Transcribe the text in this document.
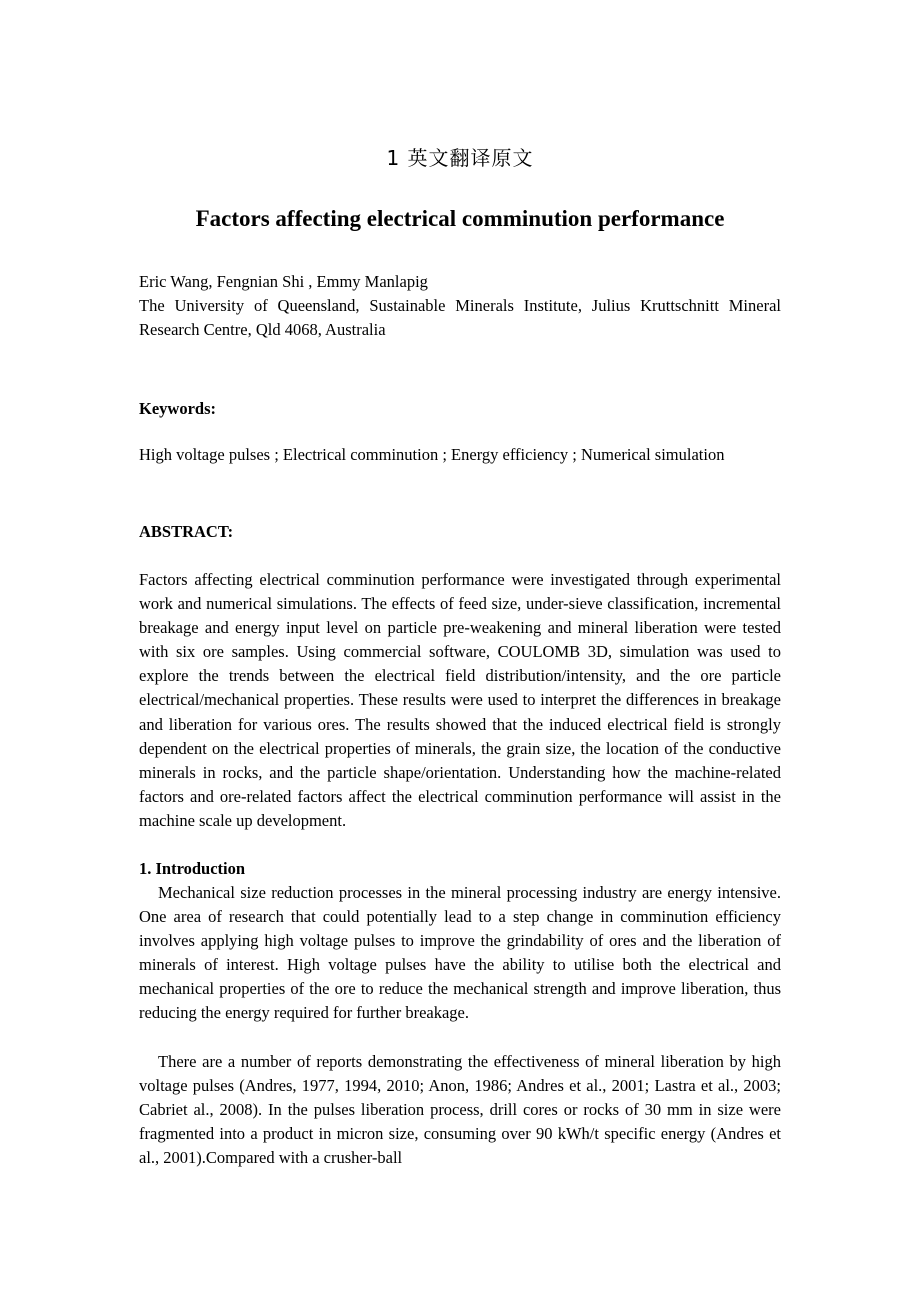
1 英文翻译原文
Factors affecting electrical comminution performance
Eric Wang, Fengnian Shi , Emmy Manlapig
The University of Queensland, Sustainable Minerals Institute, Julius Kruttschnitt Mineral Research Centre, Qld 4068, Australia
Keywords:
High voltage pulses ; Electrical comminution ; Energy efficiency ; Numerical simulation
ABSTRACT:
Factors affecting electrical comminution performance were investigated through experimental work and numerical simulations. The effects of feed size, under-sieve classification, incremental breakage and energy input level on particle pre-weakening and mineral liberation were tested with six ore samples. Using commercial software, COULOMB 3D, simulation was used to explore the trends between the electrical field distribution/intensity, and the ore particle electrical/mechanical properties. These results were used to interpret the differences in breakage and liberation for various ores. The results showed that the induced electrical field is strongly dependent on the electrical properties of minerals, the grain size, the location of the conductive minerals in rocks, and the particle shape/orientation. Understanding how the machine-related factors and ore-related factors affect the electrical comminution performance will assist in the machine scale up development.
1. Introduction
Mechanical size reduction processes in the mineral processing industry are energy intensive. One area of research that could potentially lead to a step change in comminution efficiency involves applying high voltage pulses to improve the grindability of ores and the liberation of minerals of interest. High voltage pulses have the ability to utilise both the electrical and mechanical properties of the ore to reduce the mechanical strength and improve liberation, thus reducing the energy required for further breakage.
There are a number of reports demonstrating the effectiveness of mineral liberation by high voltage pulses (Andres, 1977, 1994, 2010; Anon, 1986; Andres et al., 2001; Lastra et al., 2003; Cabriet al., 2008). In the pulses liberation process, drill cores or rocks of 30 mm in size were fragmented into a product in micron size, consuming over 90 kWh/t specific energy (Andres et al., 2001).Compared with a crusher-ball
